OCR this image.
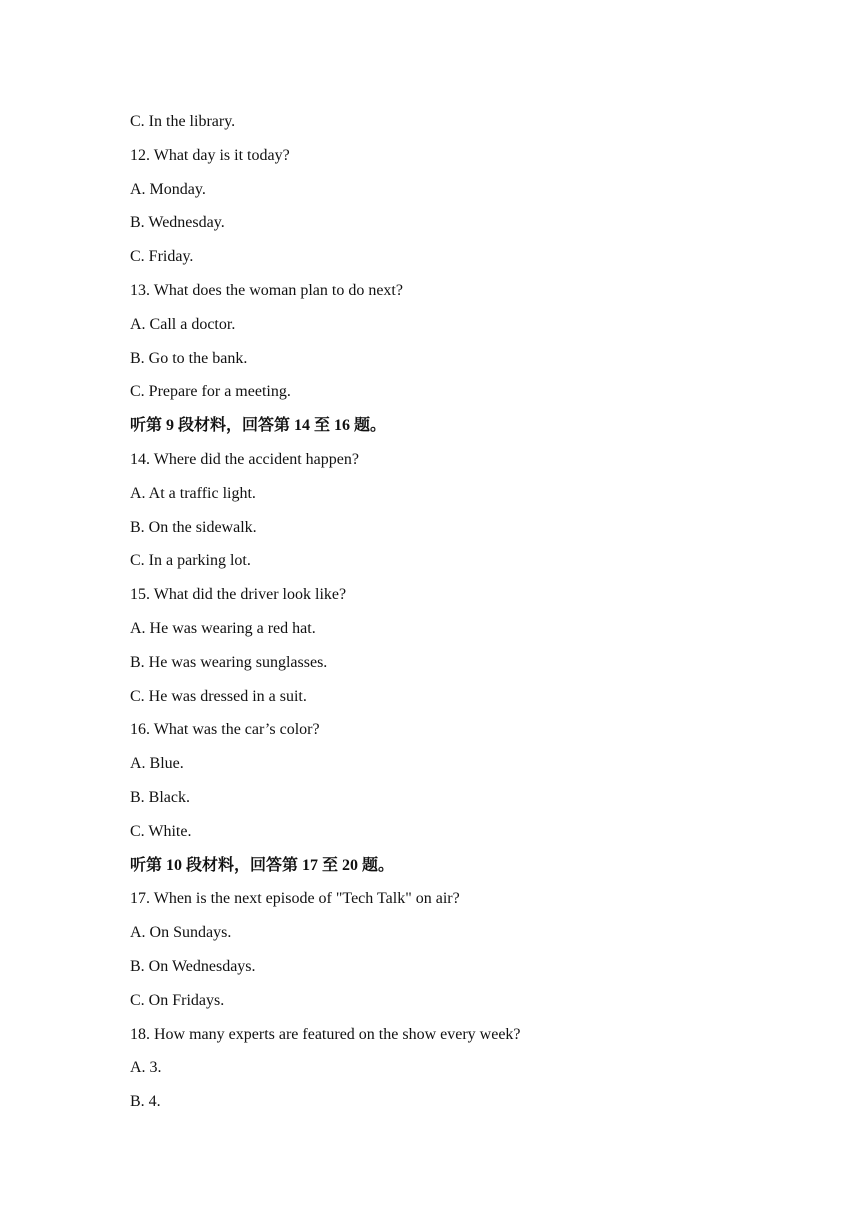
C. In the library.
12. What day is it today?
A. Monday.
B. Wednesday.
C. Friday.
13. What does the woman plan to do next?
A. Call a doctor.
B. Go to the bank.
C. Prepare for a meeting.
听第 9 段材料，回答第 14 至 16 题。
14. Where did the accident happen?
A. At a traffic light.
B. On the sidewalk.
C. In a parking lot.
15. What did the driver look like?
A. He was wearing a red hat.
B. He was wearing sunglasses.
C. He was dressed in a suit.
16. What was the car’s color?
A. Blue.
B. Black.
C. White.
听第 10 段材料，回答第 17 至 20 题。
17. When is the next episode of "Tech Talk" on air?
A. On Sundays.
B. On Wednesdays.
C. On Fridays.
18. How many experts are featured on the show every week?
A. 3.
B. 4.
